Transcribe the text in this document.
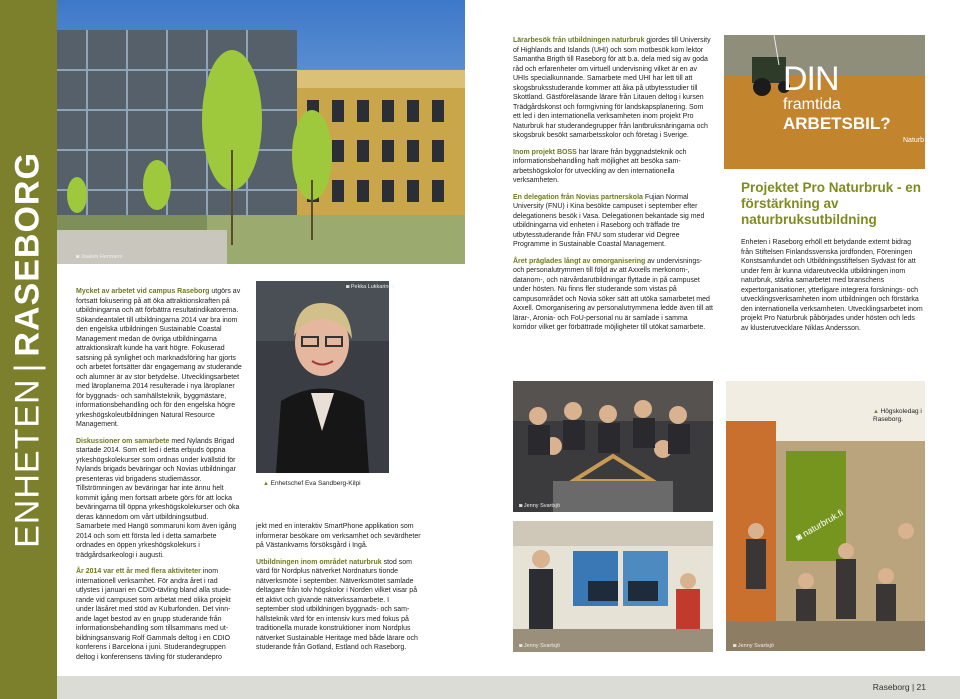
ENHETEN|RASEBORG
◙	Joakim Hermans
◙ Pekka Lukkarinen
▲ Enhetschef Eva Sandberg-Kilpi
DIN
framtida
ARBETSBIL?
Naturb

Mycket av arbetet vid campus Raseborg utgörs av fortsatt fokusering på att öka attraktionskraften på utbildningarna och att förbättra resultatindikatorerna. Sökandeantalet till utbildningarna 2014 var bra inom den engelska utbildningen Sustainable Coastal Management medan de övriga utbildningarna attraktionskraft kunde ha varit högre. Fokuserad satsning på synlighet och marknadsföring har gjorts och arbetet fortsätter där engagemang av studerande och alumner är av stor betydelse. Utvecklingsarbetet med läroplanerna 2014 resulterade i nya läroplaner för byggnads- och samhällsteknik, byggmästare, informationsbehandling och för den engelska högre yrkeshögskoleutbildningen Natural Resource Management.

Diskussioner om samarbete med Nylands Brigad startade 2014. Som ett led i detta erbjuds öppna yrkeshögskolekurser som ordnas under kvällstid för Nylands brigads beväringar och Novias utbildningar presenteras vid brigadens studiemässor. Tillströmningen av beväringar har inte ännu helt kommit igång men fortsatt arbete görs för att locka beväringarna till öppna yrkeshögskolekurser och öka deras kännedom om vårt utbildningsutbud. Samarbete med Hangö sommaruni kom även igång 2014 och som ett första led i detta samarbete ordnades en öppen yrkeshögskolekurs i trädgårdsarkeologi i augusti.

År 2014 var ett år med flera aktiviteter inom internationell verksamhet. För andra året i rad utlystes i januari en CDIO-tävling bland alla studerande vid campuset som arbetat med olika projekt under läsåret med stöd av Kulturfonden. Det vinnande laget bestod av en grupp studerande från informationsbehandling som tillsammans med utbildningsansvarig Rolf Gammals deltog i en CDIO konferens i Barcelona i juni. Studerandegruppen deltog i konferensens tävling för studerandepro

jekt med en interaktiv SmartPhone applikation som informerar besökare om verksamhet och sevärdheter på Västankvarns försöksgård i Ingå.

Utbildningen inom området naturbruk stod som värd för Nordplus nätverket Nordnaturs tionde nätverksmöte i september. Nätverksmötet samlade deltagare från tolv högskolor i Norden vilket visar på ett aktivt och givande nätverkssamarbete. I september stod utbildningen byggnads- och samhällsteknik värd för en intensiv kurs med fokus på traditionella murade konstruktioner inom Nordplus nätverket Sustainable Heritage med både lärare och studerande från Gotland, Estland och Raseborg.

Lärarbesök från utbildningen naturbruk gjordes till University of Highlands and Islands (UHI) och som motbesök kom lektor Samantha Brigth till Raseborg för att b.a. dela med sig av goda råd och erfarenheter om virtuell undervisning vilket är en av UHIs specialkunnande. Samarbete med UHI har lett till att skogsbruksstuderande kommer att åka på utbytesstudier till Skottland. Gästföreläsande lärare från Litauen deltog i kursen Trädgårdskonst och formgivning för landskapsplanering. Som ett led i den internationella verksamheten inom projekt Pro Naturbruk har studerandegrupper från lantbruksnäringarna och skogsbruk besökt samarbetsskolor och företag i Sverige.

Inom projekt BOSS har lärare från byggnadsteknik och informationsbehandling haft möjlighet att besöka samarbetshögskolor för utveckling av den internationella verksamheten.

En delegation från Novias partnerskola Fujian Normal University (FNU) i Kina besökte campuset i september efter delegationens besök i Vasa. Delegationen bekantade sig med utbildningarna vid enheten i Raseborg och träffade tre utbytesstuderande från FNU som studerar vid Degree Programme in Sustainable Coastal Management.

Året präglades långt av omorganisering av undervisnings- och personalutrymmen till följd av att Axxells merkonom-, datanom-, och närvårdarutbildningar flyttade in på campuset under hösten. Nu finns fler studerande som vistas på campusområdet och Novia söker sätt att utöka samarbetet med Axxell. Omorganisering av personalutrymmena ledde även till att lärar-, Aronia- och FoU-personal nu är samlade i samma korridor vilket ger förbättrade möjligheter till utökat samarbete.

Projektet Pro Naturbruk - en förstärkning av naturbruksutbildning

Enheten i Raseborg erhöll ett betydande externt bidrag från Stiftelsen Finlandssvenska jordfonden, Föreningen Konstsamfundet och Utbildningsstiftelsen Sydväst för att under fem år kunna vidareutveckla utbildningen inom naturbruk, stärka samarbetet med branschens expertorganisationer, ytterligare integrera forsknings- och utvecklingsverksamheten inom utbildningen och förstärka den internationella verksamheten. Utvecklingsarbetet inom projekt Pro Naturbruk påbörjades under hösten och leds av klusterutvecklare Niklas Andersson.

◙ Jenny Svartsjö
◙ Jenny Svartsjö
◙ naturbruk.fi
▲ Högskoledag i Raseborg.
◙ Jenny Svartsjö
Raseborg | 21
